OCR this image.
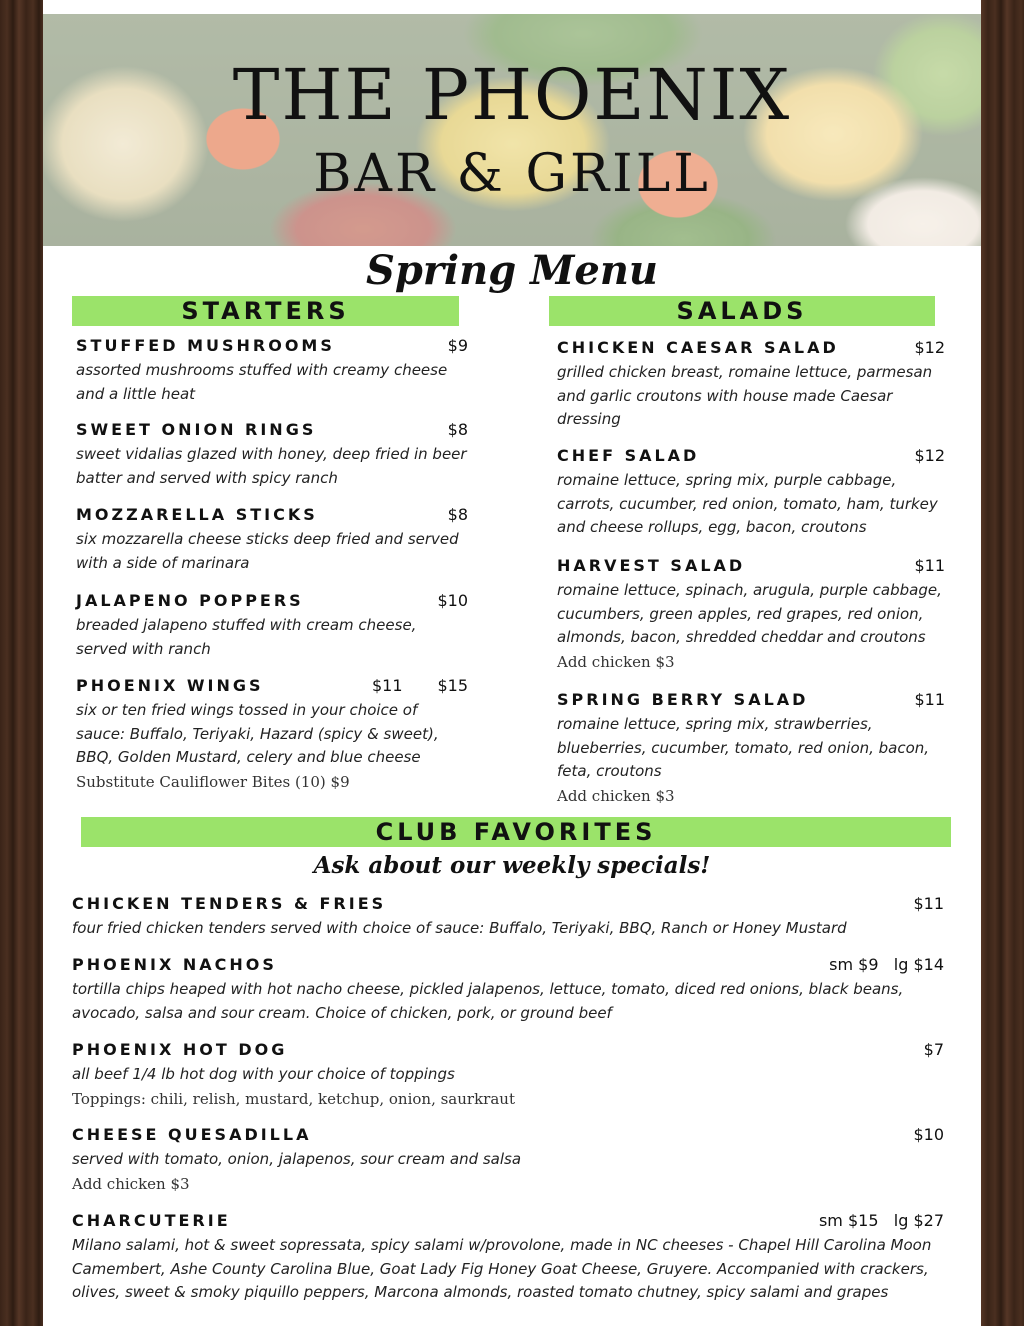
THE PHOENIX
BAR & GRILL
Spring Menu
STARTERS
STUFFED MUSHROOMS	$9
assorted mushrooms stuffed with creamy cheese and a little heat
SWEET ONION RINGS	$8
sweet vidalias glazed with honey, deep fried in beer batter and served with spicy ranch
MOZZARELLA STICKS	$8
six mozzarella cheese sticks deep fried and served with a side of marinara
JALAPENO POPPERS	$10
breaded jalapeno stuffed with cream cheese, served with ranch
PHOENIX WINGS	$11 $15
six or ten fried wings tossed in your choice of sauce: Buffalo, Teriyaki, Hazard (spicy & sweet), BBQ, Golden Mustard, celery and blue cheese
Substitute Cauliflower Bites (10) $9
SALADS
CHICKEN CAESAR SALAD	$12
grilled chicken breast, romaine lettuce, parmesan and garlic croutons with house made Caesar dressing
CHEF SALAD	$12
romaine lettuce, spring mix, purple cabbage, carrots, cucumber, red onion, tomato, ham, turkey and cheese rollups, egg, bacon, croutons
HARVEST SALAD	$11
romaine lettuce, spinach, arugula, purple cabbage, cucumbers, green apples, red grapes, red onion, almonds, bacon, shredded cheddar and croutons
Add chicken $3
SPRING BERRY SALAD	$11
romaine lettuce, spring mix, strawberries, blueberries, cucumber, tomato, red onion, bacon, feta, croutons
Add chicken $3
CLUB FAVORITES
Ask about our weekly specials!
CHICKEN TENDERS & FRIES	$11
four fried chicken tenders served with choice of sauce: Buffalo, Teriyaki, BBQ, Ranch or Honey Mustard
PHOENIX NACHOS	sm $9   lg $14
tortilla chips heaped with hot nacho cheese, pickled jalapenos, lettuce, tomato, diced red onions, black beans, avocado, salsa and sour cream. Choice of chicken, pork, or ground beef
PHOENIX HOT DOG	$7
all beef 1/4 lb hot dog with your choice of toppings
Toppings: chili, relish, mustard, ketchup, onion, saurkraut
CHEESE QUESADILLA	$10
served with tomato, onion, jalapenos, sour cream and salsa
Add chicken $3
CHARCUTERIE	sm $15   lg $27
Milano salami, hot & sweet sopressata, spicy salami w/provolone, made in NC cheeses - Chapel Hill Carolina Moon Camembert, Ashe County Carolina Blue, Goat Lady Fig Honey Goat Cheese, Gruyere. Accompanied with crackers, olives, sweet & smoky piquillo peppers, Marcona almonds, roasted tomato chutney, spicy salami and grapes
